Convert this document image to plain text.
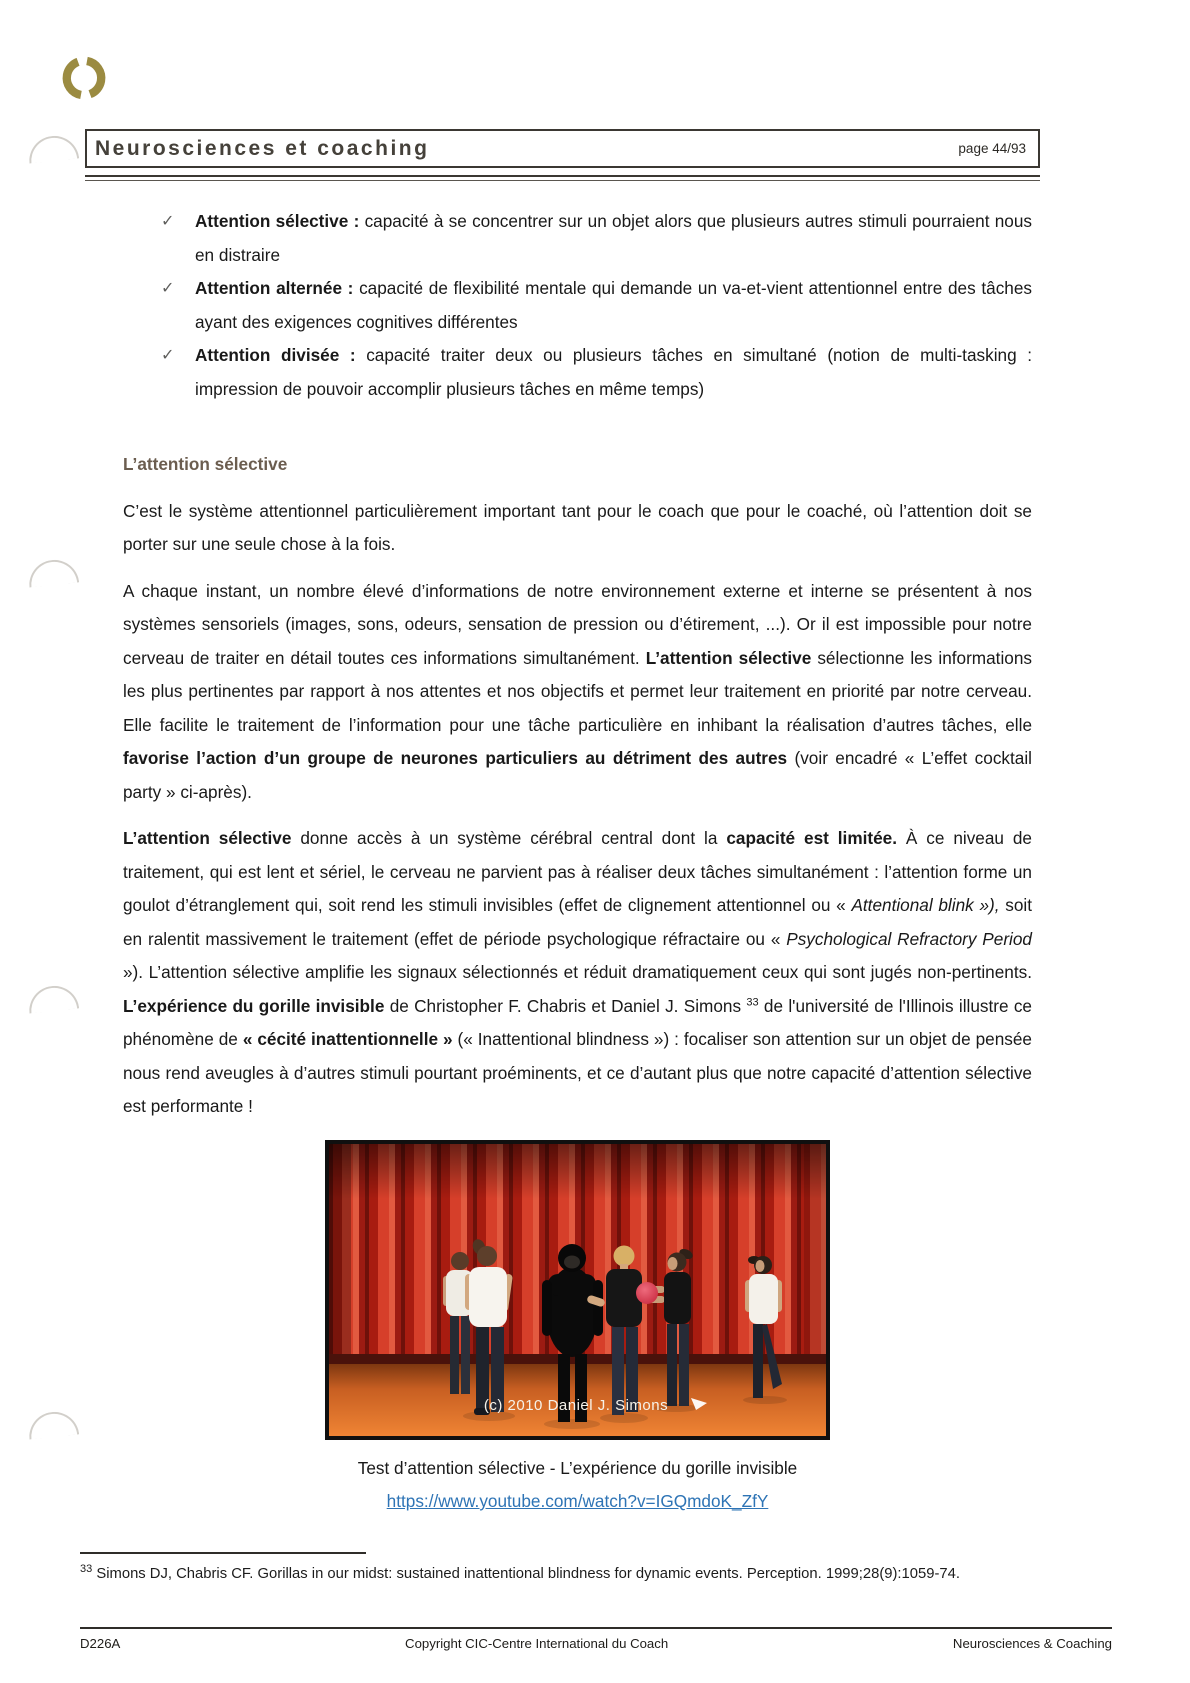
Neurosciences et coaching	page 44/93
✓	Attention sélective : capacité à se concentrer sur un objet alors que plusieurs autres stimuli pourraient nous en distraire
✓	Attention alternée : capacité de flexibilité mentale qui demande un va-et-vient attentionnel entre des tâches ayant des exigences cognitives différentes
✓	Attention divisée : capacité traiter deux ou plusieurs tâches en simultané (notion de multi-tasking : impression de pouvoir accomplir plusieurs tâches en même temps)
L’attention sélective

C’est le système attentionnel particulièrement important tant pour le coach que pour le coaché, où l’attention doit se porter sur une seule chose à la fois.

A chaque instant, un nombre élevé d’informations de notre environnement externe et interne se présentent à nos systèmes sensoriels (images, sons, odeurs, sensation de pression ou d’étirement, ...). Or il est impossible pour notre cerveau de traiter en détail toutes ces informations simultanément. L’attention sélective sélectionne les informations les plus pertinentes par rapport à nos attentes et nos objectifs et permet leur traitement en priorité par notre cerveau. Elle facilite le traitement de l’information pour une tâche particulière en inhibant la réalisation d’autres tâches, elle favorise l’action d’un groupe de neurones particuliers au détriment des autres (voir encadré « L’effet cocktail party » ci-après).

L’attention sélective donne accès à un système cérébral central dont la capacité est limitée. À ce niveau de traitement, qui est lent et sériel, le cerveau ne parvient pas à réaliser deux tâches simultanément : l’attention forme un goulot d’étranglement qui, soit rend les stimuli invisibles (effet de clignement attentionnel ou « Attentional blink »), soit en ralentit massivement le traitement (effet de période psychologique réfractaire ou « Psychological Refractory Period »). L’attention sélective amplifie les signaux sélectionnés et réduit dramatiquement ceux qui sont jugés non-pertinents. L’expérience du gorille invisible de Christopher F. Chabris et Daniel J. Simons $^{33}$ de l'université de l'Illinois illustre ce phénomène de « cécité inattentionnelle » (« Inattentional blindness ») : focaliser son attention sur un objet de pensée nous rend aveugles à d’autres stimuli pourtant proéminents, et ce d’autant plus que notre capacité d’attention sélective est performante !

(c) 2010 Daniel J. Simons
Test d’attention sélective - L’expérience du gorille invisible
https://www.youtube.com/watch?v=IGQmdoK_ZfY
$^{33}$ Simons DJ, Chabris CF. Gorillas in our midst: sustained inattentional blindness for dynamic events. Perception. 1999;28(9):1059-74.
D226A	Copyright CIC-Centre International du Coach	Neurosciences & Coaching
